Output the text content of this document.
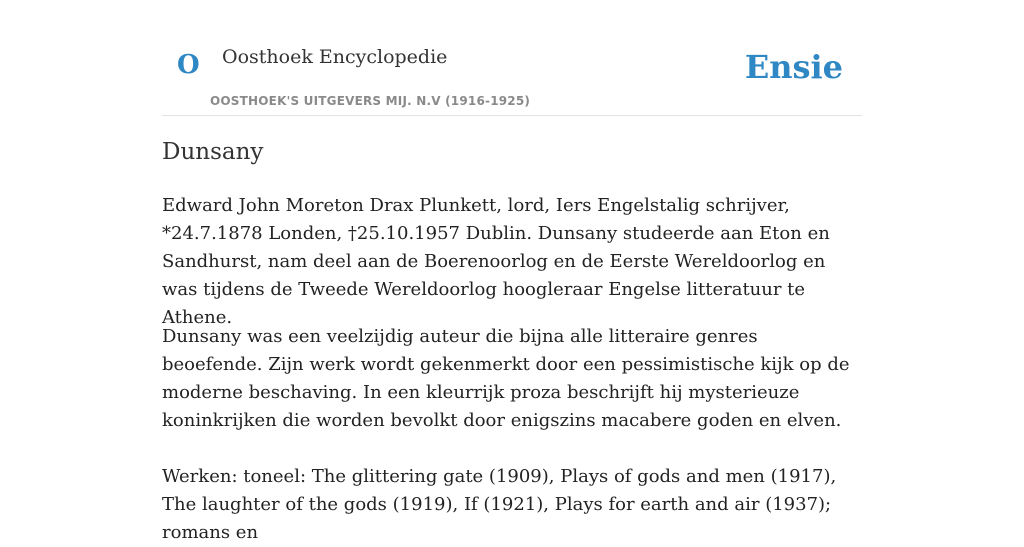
O Oosthoek Encyclopedie
OOSTHOEK'S UITGEVERS MIJ. N.V (1916-1925)
Ensie
Dunsany

Edward John Moreton Drax Plunkett, lord, Iers Engelstalig schrijver, *24.7.1878 Londen, †25.10.1957 Dublin. Dunsany studeerde aan Eton en Sandhurst, nam deel aan de Boerenoorlog en de Eerste Wereldoorlog en was tijdens de Tweede Wereldoorlog hoogleraar Engelse litteratuur te Athene.

Dunsany was een veelzijdig auteur die bijna alle litteraire genres beoefende. Zijn werk wordt gekenmerkt door een pessimistische kijk op de moderne beschaving. In een kleurrijk proza beschrijft hij mysterieuze koninkrijken die worden bevolkt door enigszins macabere goden en elven.

Werken: toneel: The glittering gate (1909), Plays of gods and men (1917), The laughter of the gods (1919), If (1921), Plays for earth and air (1937); romans en
